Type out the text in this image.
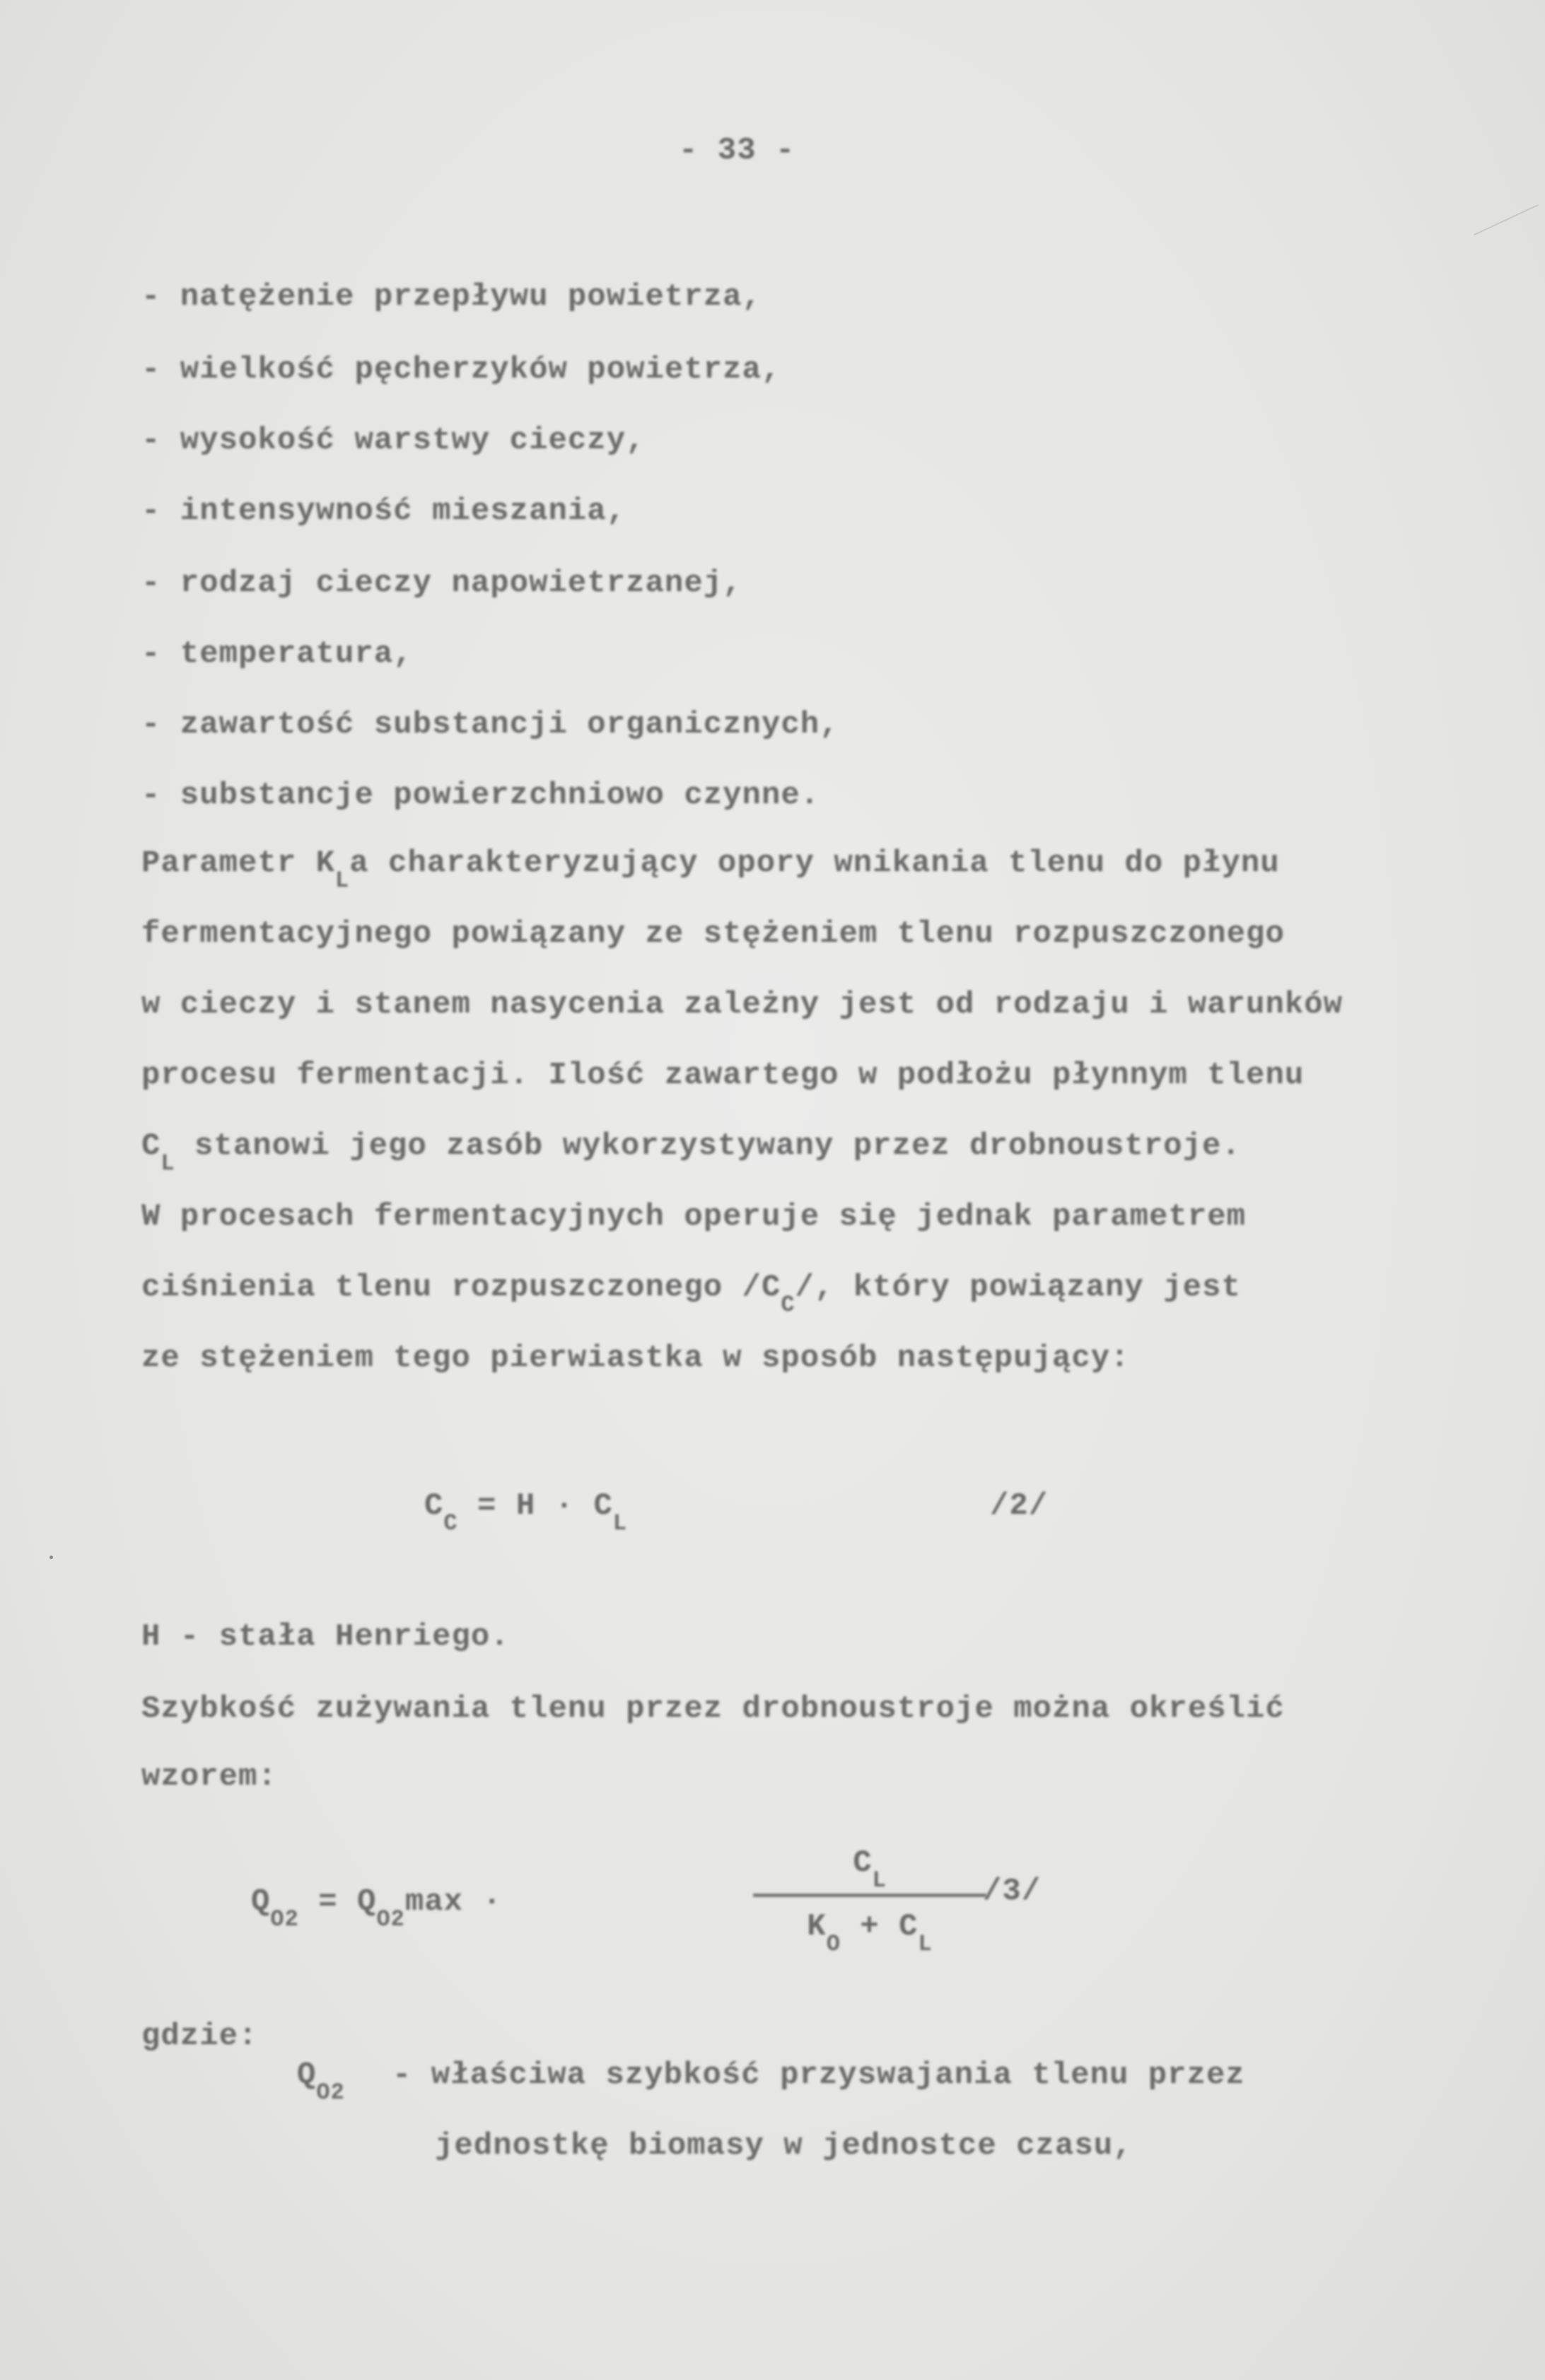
- 33 -
- natężenie przepływu powietrza,
- wielkość pęcherzyków powietrza,
- wysokość warstwy cieczy,
- intensywność mieszania,
- rodzaj cieczy napowietrzanej,
- temperatura,
- zawartość substancji organicznych,
- substancje powierzchniowo czynne.
Parametr $K_La$ charakteryzujący opory wnikania tlenu do płynu
fermentacyjnego powiązany ze stężeniem tlenu rozpuszczonego
w cieczy i stanem nasycenia zależny jest od rodzaju i warunków
procesu fermentacji. Ilość zawartego w podłożu płynnym tlenu
$C_L$ stanowi jego zasób wykorzystywany przez drobnoustroje.
W procesach fermentacyjnych operuje się jednak parametrem
ciśnienia tlenu rozpuszczonego $/C_C/$, który powiązany jest
ze stężeniem tego pierwiastka w sposób następujący:
$C_C = H \cdot C_L$	/2/
H - stała Henriego.
Szybkość zużywania tlenu przez drobnoustroje można określić
wzorem:
$Q_{O2} = Q_{O2}\max$ ·
$C_L$
$K_O + C_L$
/3/
gdzie:
$Q_{O2}$ - właściwa szybkość przyswajania tlenu przez
jednostkę biomasy w jednostce czasu,
